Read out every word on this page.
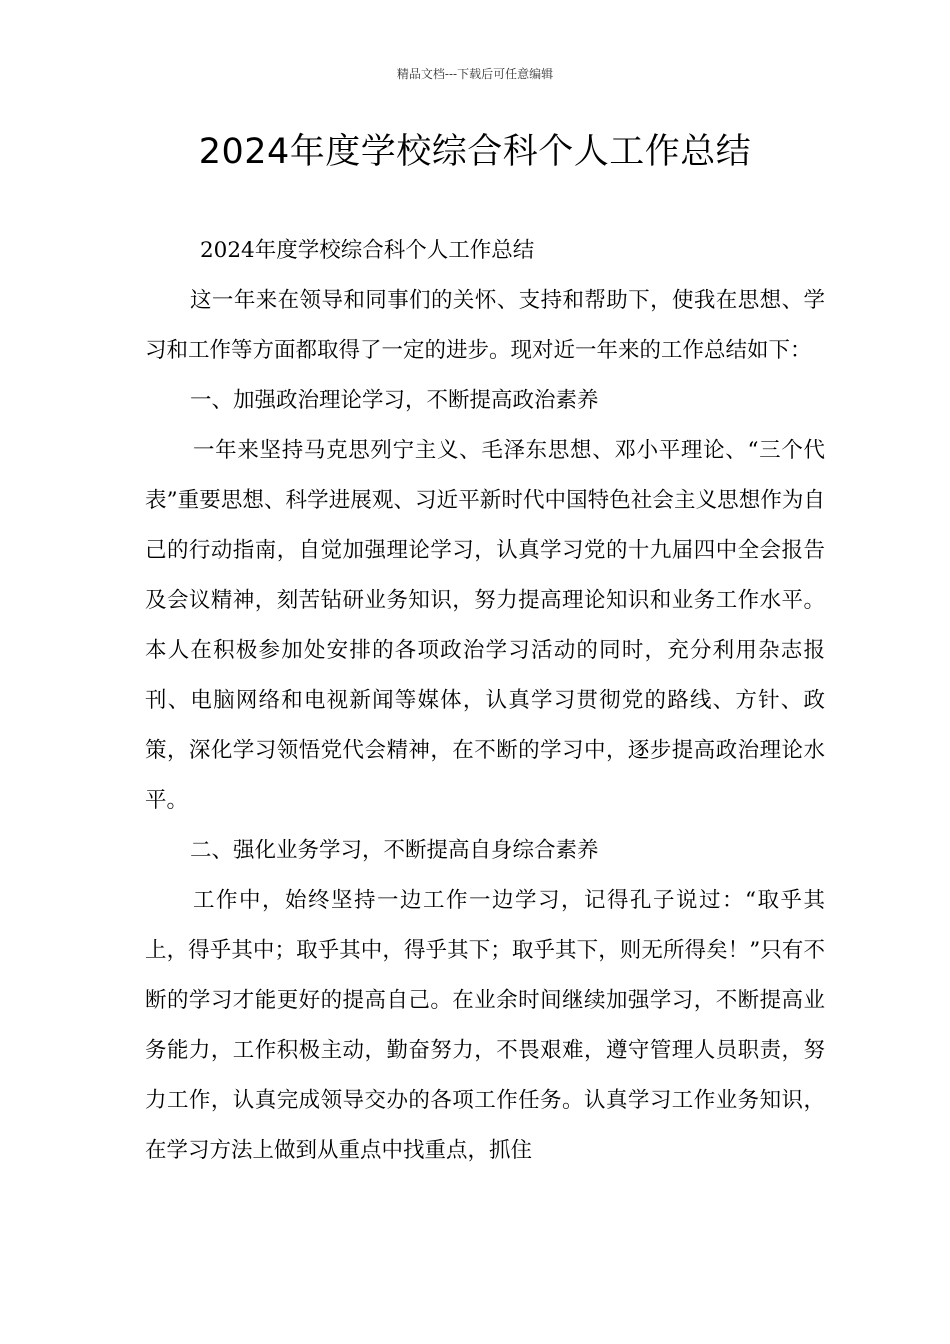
精品文档---下载后可任意编辑
2024年度学校综合科个人工作总结

2024年度学校综合科个人工作总结

这一年来在领导和同事们的关怀、支持和帮助下，使我在思想、学习和工作等方面都取得了一定的进步。现对近一年来的工作总结如下：

一、加强政治理论学习，不断提高政治素养

一年来坚持马克思列宁主义、毛泽东思想、邓小平理论、“三个代表”重要思想、科学进展观、习近平新时代中国特色社会主义思想作为自己的行动指南，自觉加强理论学习，认真学习党的十九届四中全会报告及会议精神，刻苦钻研业务知识，努力提高理论知识和业务工作水平。本人在积极参加处安排的各项政治学习活动的同时，充分利用杂志报刊、电脑网络和电视新闻等媒体，认真学习贯彻党的路线、方针、政策，深化学习领悟党代会精神，在不断的学习中，逐步提高政治理论水平。

二、强化业务学习，不断提高自身综合素养

工作中，始终坚持一边工作一边学习，记得孔子说过：“取乎其上，得乎其中；取乎其中，得乎其下；取乎其下，则无所得矣！”只有不断的学习才能更好的提高自己。在业余时间继续加强学习，不断提高业务能力，工作积极主动，勤奋努力，不畏艰难，遵守管理人员职责，努力工作，认真完成领导交办的各项工作任务。认真学习工作业务知识，在学习方法上做到从重点中找重点，抓住
